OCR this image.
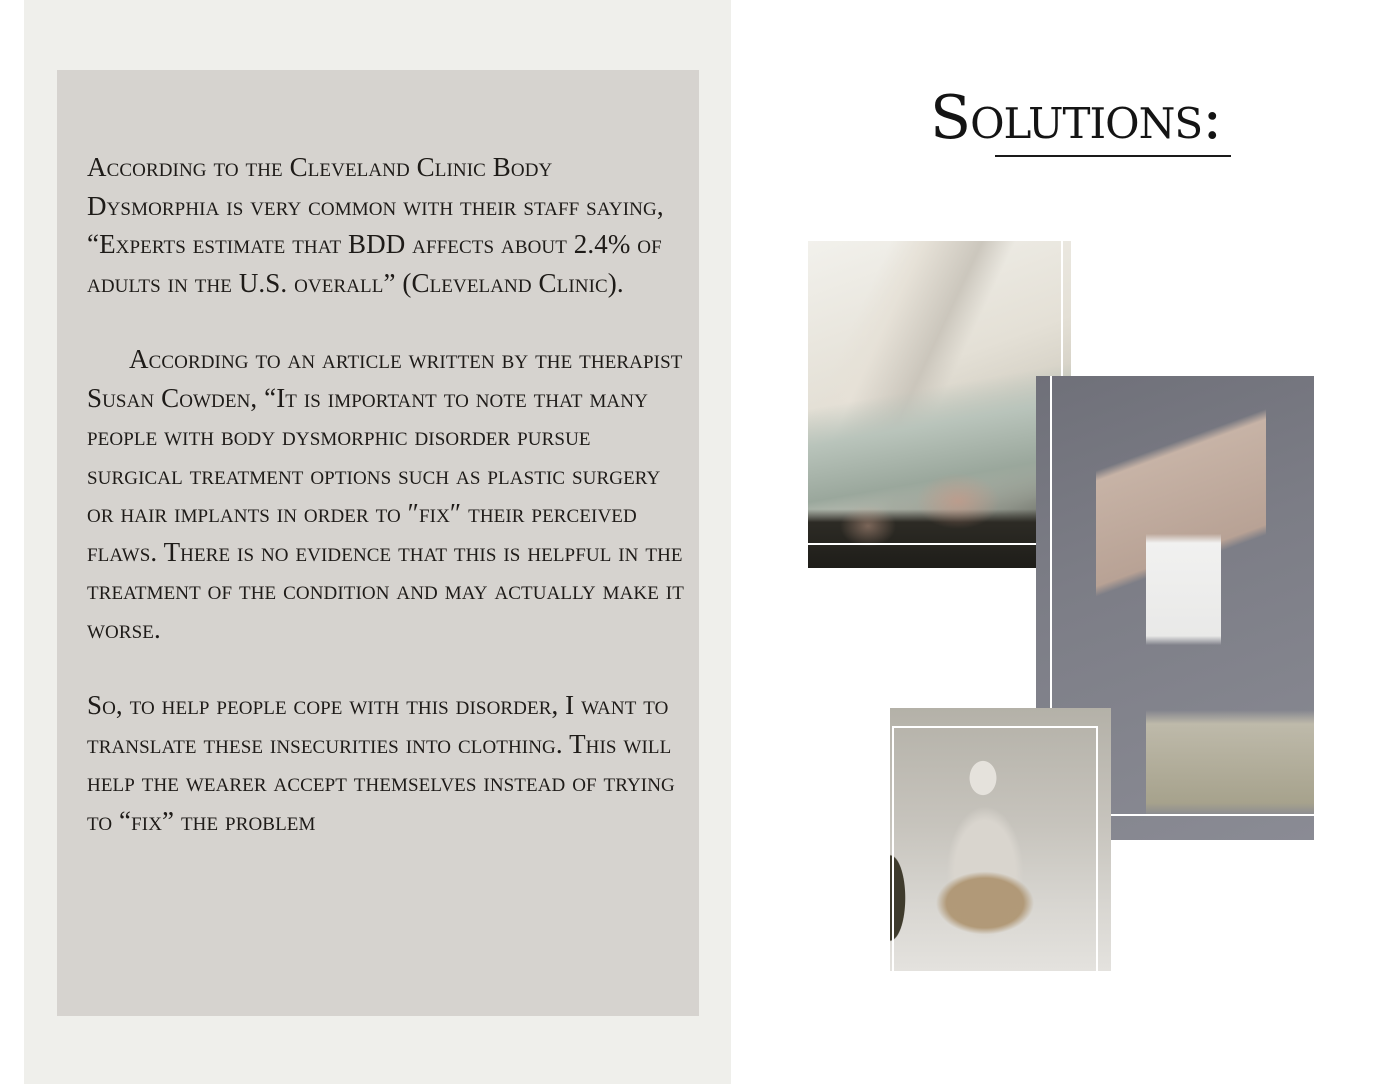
According to the Cleveland Clinic Body Dysmorphia is very common with their staff saying, “Experts estimate that BDD affects about 2.4% of adults in the U.S. overall” (Cleveland Clinic).

According to an article written by the therapist Susan Cowden, “It is important to note that many people with body dysmorphic disorder pursue surgical treatment options such as plastic surgery or hair implants in order to ″fix″ their perceived flaws. There is no evidence that this is helpful in the treatment of the condition and may actually make it worse.

So, to help people cope with this disorder, I want to translate these insecurities into clothing. This will help the wearer accept themselves instead of trying to “fix” the problem

Solutions:
